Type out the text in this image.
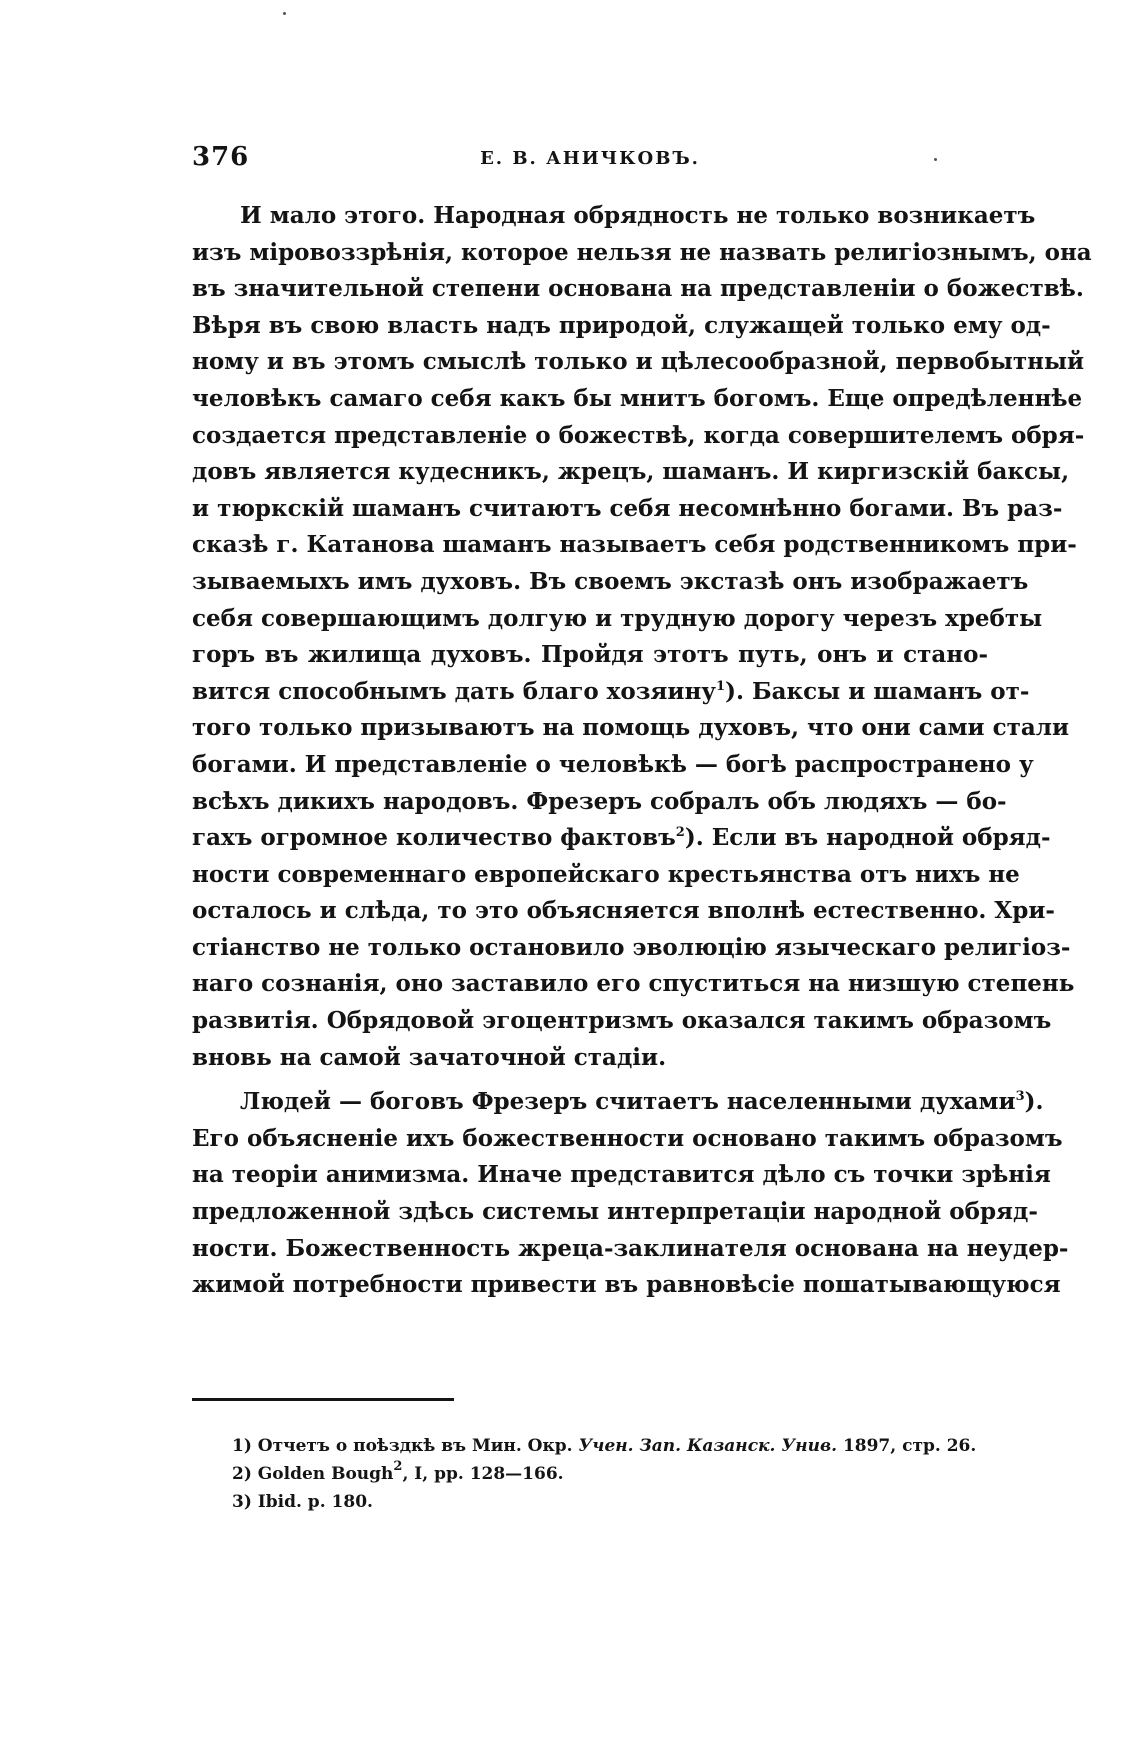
376	Е. В. АНИЧКОВЪ.

И мало этого. Народная обрядность не только возникаетъ
изъ міровоззрѣнія, которое нельзя не назвать религіознымъ, она
въ значительной степени основана на представленіи о божествѣ.
Вѣря въ свою власть надъ природой, служащей только ему од-
ному и въ этомъ смыслѣ только и цѣлесообразной, первобытный
человѣкъ самаго себя какъ бы мнитъ богомъ. Еще опредѣленнѣе
создается представленіе о божествѣ, когда совершителемъ обря-
довъ является кудесникъ, жрецъ, шаманъ. И киргизскій баксы,
и тюркскій шаманъ считаютъ себя несомнѣнно богами. Въ раз-
сказѣ г. Катанова шаманъ называетъ себя родственникомъ при-
зываемыхъ имъ духовъ. Въ своемъ экстазѣ онъ изображаетъ
себя совершающимъ долгую и трудную дорогу черезъ хребты
горъ въ жилища духовъ. Пройдя этотъ путь, онъ и стано-
вится способнымъ дать благо хозяину$^1$). Баксы и шаманъ от-
того только призываютъ на помощь духовъ, что они сами стали
богами. И представленіе о человѣкѣ — богѣ распространено у
всѣхъ дикихъ народовъ. Фрезеръ собралъ объ людяхъ — бо-
гахъ огромное количество фактовъ$^2$). Если въ народной обряд-
ности современнаго европейскаго крестьянства отъ нихъ не
осталось и слѣда, то это объясняется вполнѣ естественно. Хри-
стіанство не только остановило эволюцію языческаго религіоз-
наго сознанія, оно заставило его спуститься на низшую степень
развитія. Обрядовой эгоцентризмъ оказался такимъ образомъ
вновь на самой зачаточной стадіи.

Людей — боговъ Фрезеръ считаетъ населенными духами$^3$).
Его объясненіе ихъ божественности основано такимъ образомъ
на теоріи анимизма. Иначе представится дѣло съ точки зрѣнія
предложенной здѣсь системы интерпретаціи народной обряд-
ности. Божественность жреца-заклинателя основана на неудер-
жимой потребности привести въ равновѣсіе пошатывающуюся

1) Отчетъ о поѣздкѣ въ Мин. Окр. Учен. Зап. Казанск. Унив. 1897, стр. 26.
2) Golden Bough$^2$, I, pp. 128—166.
3) Ibid. p. 180.
